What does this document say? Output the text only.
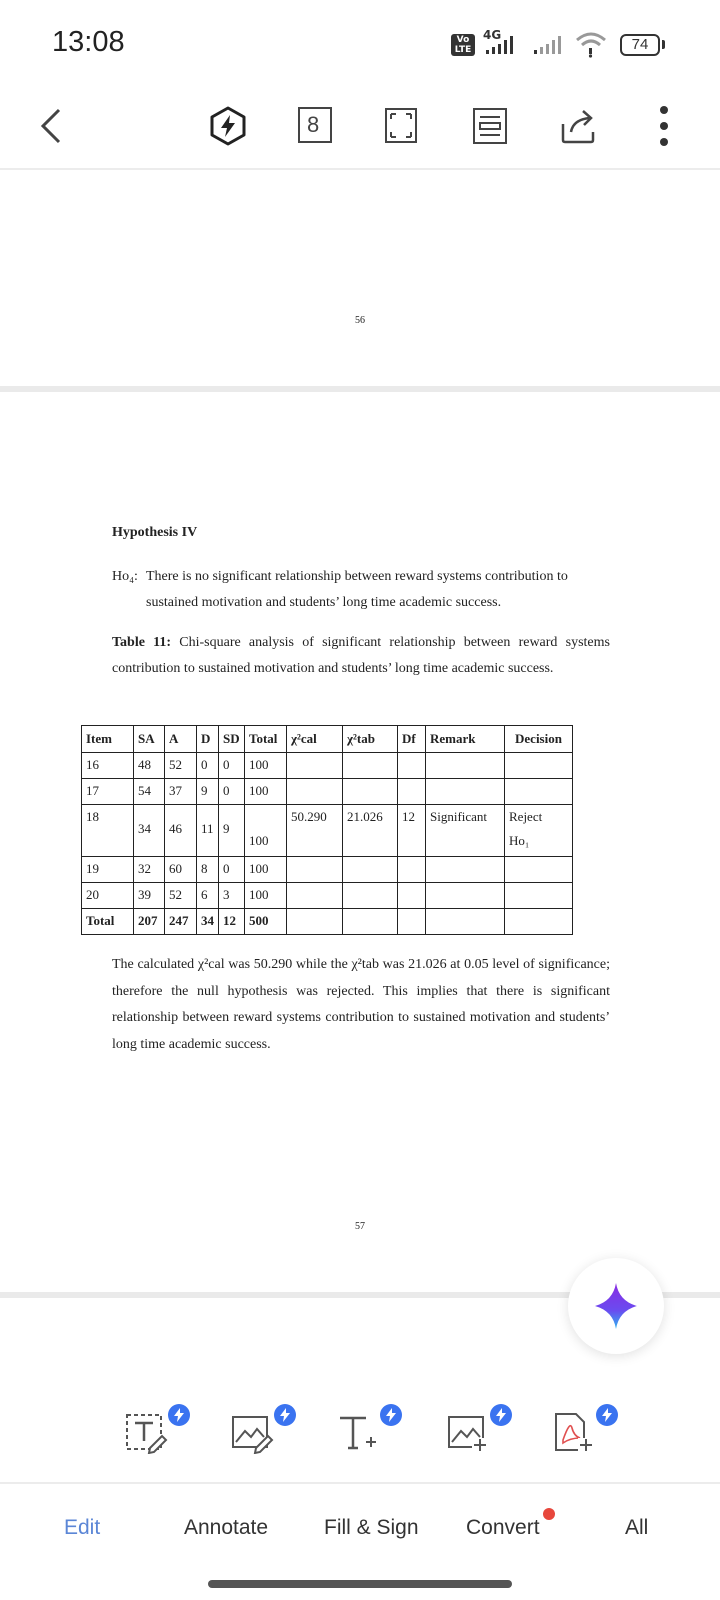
13:08	Vo LTE
4G
74
8
56
Hypothesis IV
Ho₄: There is no significant relationship between reward systems contribution to
sustained motivation and students’ long time academic success.
Table 11: Chi-square analysis of significant relationship between reward systems contribution to sustained motivation and students’ long time academic success.
Item	SA	A	D	SD	Total	χ²cal	χ²tab	Df	Remark	Decision
16	48	52	0	0	100					
17	54	37	9	0	100					
18	34	46	11	9	100	50.290	21.026	12	Significant	Reject
Ho₁

19	32	60	8	0	100					
20	39	52	6	3	100					
Total	207	247	34	12	500					
The calculated χ²cal was 50.290 while the χ²tab was 21.026 at 0.05 level of significance; therefore the null hypothesis was rejected. This implies that there is significant relationship between reward systems contribution to sustained motivation and students’ long time academic success.
57
Edit	Annotate	Fill & Sign Convert	All
